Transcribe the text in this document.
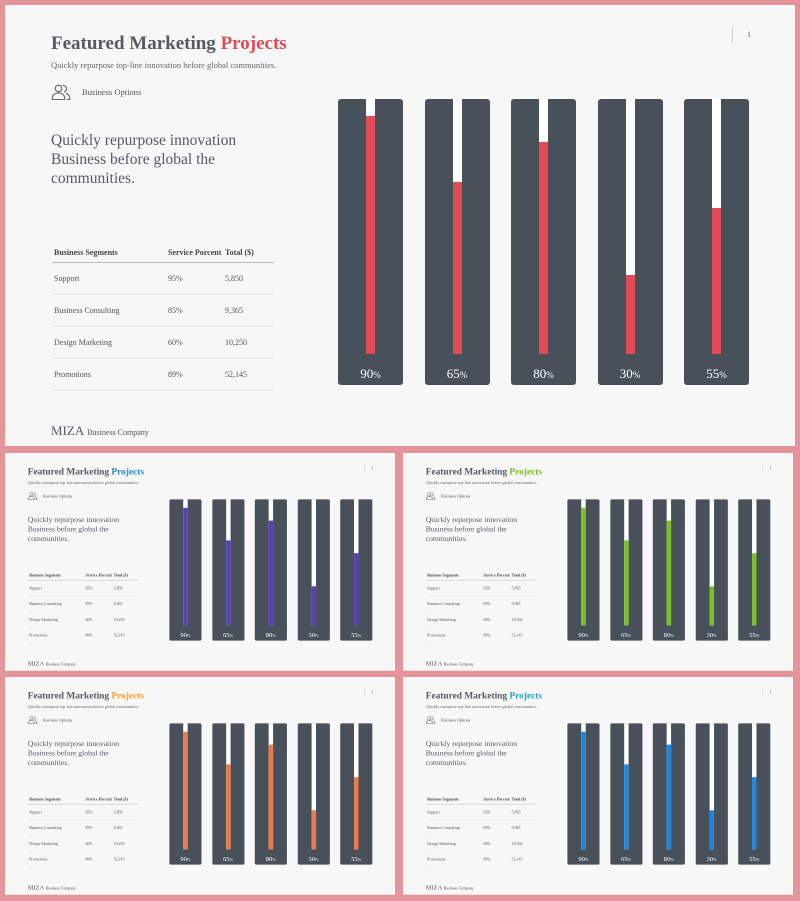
Featured Marketing Projects
Quickly repurpose top-line innovation before global communities.
1
Business Options
Quickly repurpose innovation Business before global the communities.
Business Segments	Service Porcent	Total ($)
Support	95%	5,850
Business Consulting	85%	9,365
Design Marketing	60%	10,250
Promotions	89%	52,145
MIZA Business Company
90%	65%	80%	30%	55%
Featured Marketing Projects
Quickly repurpose top-line innovation before global communities.
1
Business Options
Quickly repurpose innovation Business before global the communities.
Business Segments	Service Porcent	Total ($)
Support	95%	5,850
Business Consulting	85%	9,365
Design Marketing	60%	10,250
Promotions	89%	52,145
MIZABusiness Company
90%	65%	80%	30%	55%
Featured Marketing Projects
Quickly repurpose top-line innovation before global communities.
1
Business Options
Quickly repurpose innovation Business before global the communities.
Business Segments	Service Porcent	Total ($)
Support	95%	5,850
Business Consulting	85%	9,365
Design Marketing	60%	10,250
Promotions	89%	52,145
MIZABusiness Company
90%	65%	80%	30%	55%
Featured Marketing Projects
Quickly repurpose top-line innovation before global communities.
1
Business Options
Quickly repurpose innovation Business before global the communities.
Business Segments	Service Porcent	Total ($)
Support	95%	5,850
Business Consulting	85%	9,365
Design Marketing	60%	10,250
Promotions	89%	52,145
MIZABusiness Company
90%	65%	80%	30%	55%
Featured Marketing Projects
Quickly repurpose top-line innovation before global communities.
1
Business Options
Quickly repurpose innovation Business before global the communities.
Business Segments	Service Porcent	Total ($)
Support	95%	5,850
Business Consulting	85%	9,365
Design Marketing	60%	10,250
Promotions	89%	52,145
MIZABusiness Company
90%	65%	80%	30%	55%
